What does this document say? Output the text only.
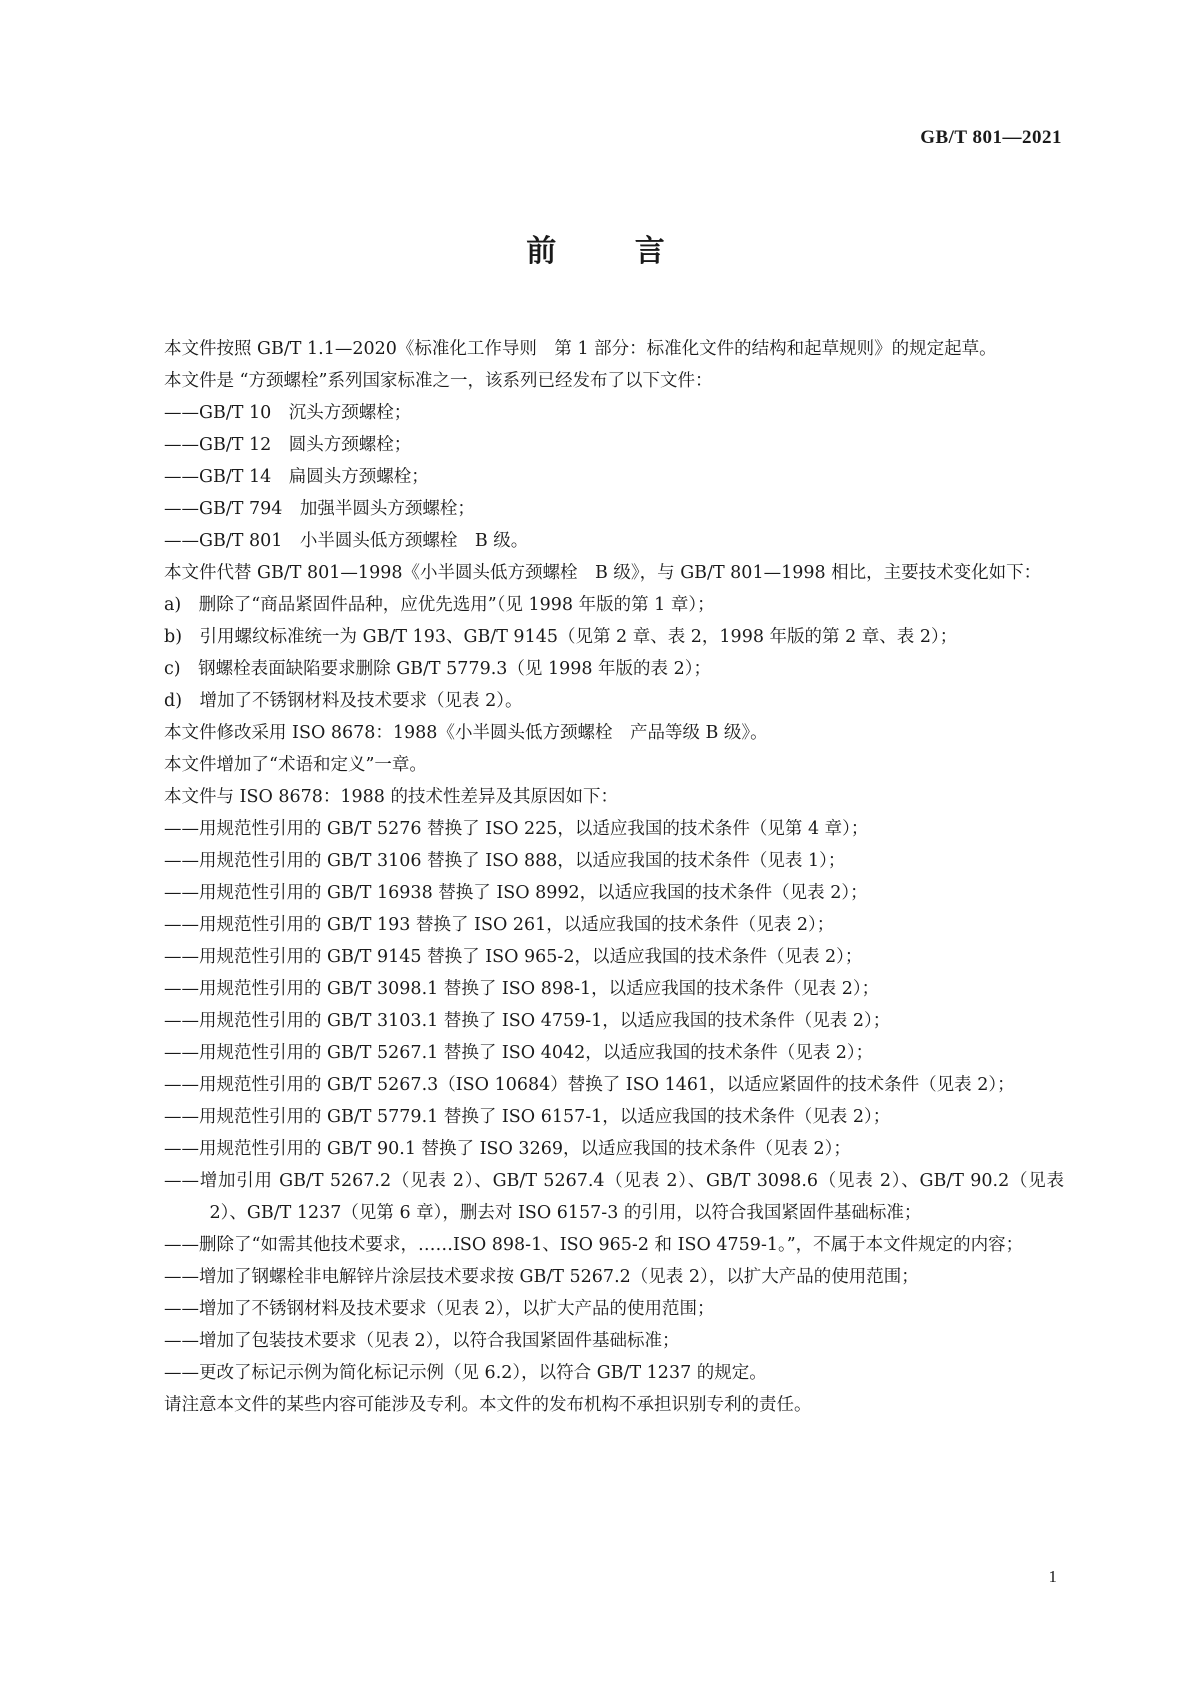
GB/T 801—2021
前 言

本文件按照 GB/T 1.1—2020《标准化工作导则　第 1 部分：标准化文件的结构和起草规则》的规定起草。

本文件是 “方颈螺栓”系列国家标准之一，该系列已经发布了以下文件：

——GB/T 10　沉头方颈螺栓；

——GB/T 12　圆头方颈螺栓；

——GB/T 14　扁圆头方颈螺栓；

——GB/T 794　加强半圆头方颈螺栓；

——GB/T 801　小半圆头低方颈螺栓　B 级。

本文件代替 GB/T 801—1998《小半圆头低方颈螺栓　B 级》，与 GB/T 801—1998 相比，主要技术变化如下：

a)　删除了“商品紧固件品种，应优先选用”（见 1998 年版的第 1 章）；

b)　引用螺纹标准统一为 GB/T 193、GB/T 9145（见第 2 章、表 2，1998 年版的第 2 章、表 2）；

c)　钢螺栓表面缺陷要求删除 GB/T 5779.3（见 1998 年版的表 2）；

d)　增加了不锈钢材料及技术要求（见表 2）。

本文件修改采用 ISO 8678：1988《小半圆头低方颈螺栓　产品等级 B 级》。

本文件增加了“术语和定义”一章。

本文件与 ISO 8678：1988 的技术性差异及其原因如下：

——用规范性引用的 GB/T 5276 替换了 ISO 225，以适应我国的技术条件（见第 4 章）；

——用规范性引用的 GB/T 3106 替换了 ISO 888，以适应我国的技术条件（见表 1）；

——用规范性引用的 GB/T 16938 替换了 ISO 8992，以适应我国的技术条件（见表 2）；

——用规范性引用的 GB/T 193 替换了 ISO 261，以适应我国的技术条件（见表 2）；

——用规范性引用的 GB/T 9145 替换了 ISO 965-2，以适应我国的技术条件（见表 2）；

——用规范性引用的 GB/T 3098.1 替换了 ISO 898-1，以适应我国的技术条件（见表 2）；

——用规范性引用的 GB/T 3103.1 替换了 ISO 4759-1，以适应我国的技术条件（见表 2）；

——用规范性引用的 GB/T 5267.1 替换了 ISO 4042，以适应我国的技术条件（见表 2）；

——用规范性引用的 GB/T 5267.3（ISO 10684）替换了 ISO 1461，以适应紧固件的技术条件（见表 2）；

——用规范性引用的 GB/T 5779.1 替换了 ISO 6157-1，以适应我国的技术条件（见表 2）；

——用规范性引用的 GB/T 90.1 替换了 ISO 3269，以适应我国的技术条件（见表 2）；

——增加引用 GB/T 5267.2（见表 2）、GB/T 5267.4（见表 2）、GB/T 3098.6（见表 2）、GB/T 90.2（见表 2）、GB/T 1237（见第 6 章），删去对 ISO 6157-3 的引用，以符合我国紧固件基础标准；

——删除了“如需其他技术要求，……ISO 898-1、ISO 965-2 和 ISO 4759-1。”，不属于本文件规定的内容；

——增加了钢螺栓非电解锌片涂层技术要求按 GB/T 5267.2（见表 2），以扩大产品的使用范围；

——增加了不锈钢材料及技术要求（见表 2），以扩大产品的使用范围；

——增加了包装技术要求（见表 2），以符合我国紧固件基础标准；

——更改了标记示例为简化标记示例（见 6.2），以符合 GB/T 1237 的规定。

请注意本文件的某些内容可能涉及专利。本文件的发布机构不承担识别专利的责任。

1
